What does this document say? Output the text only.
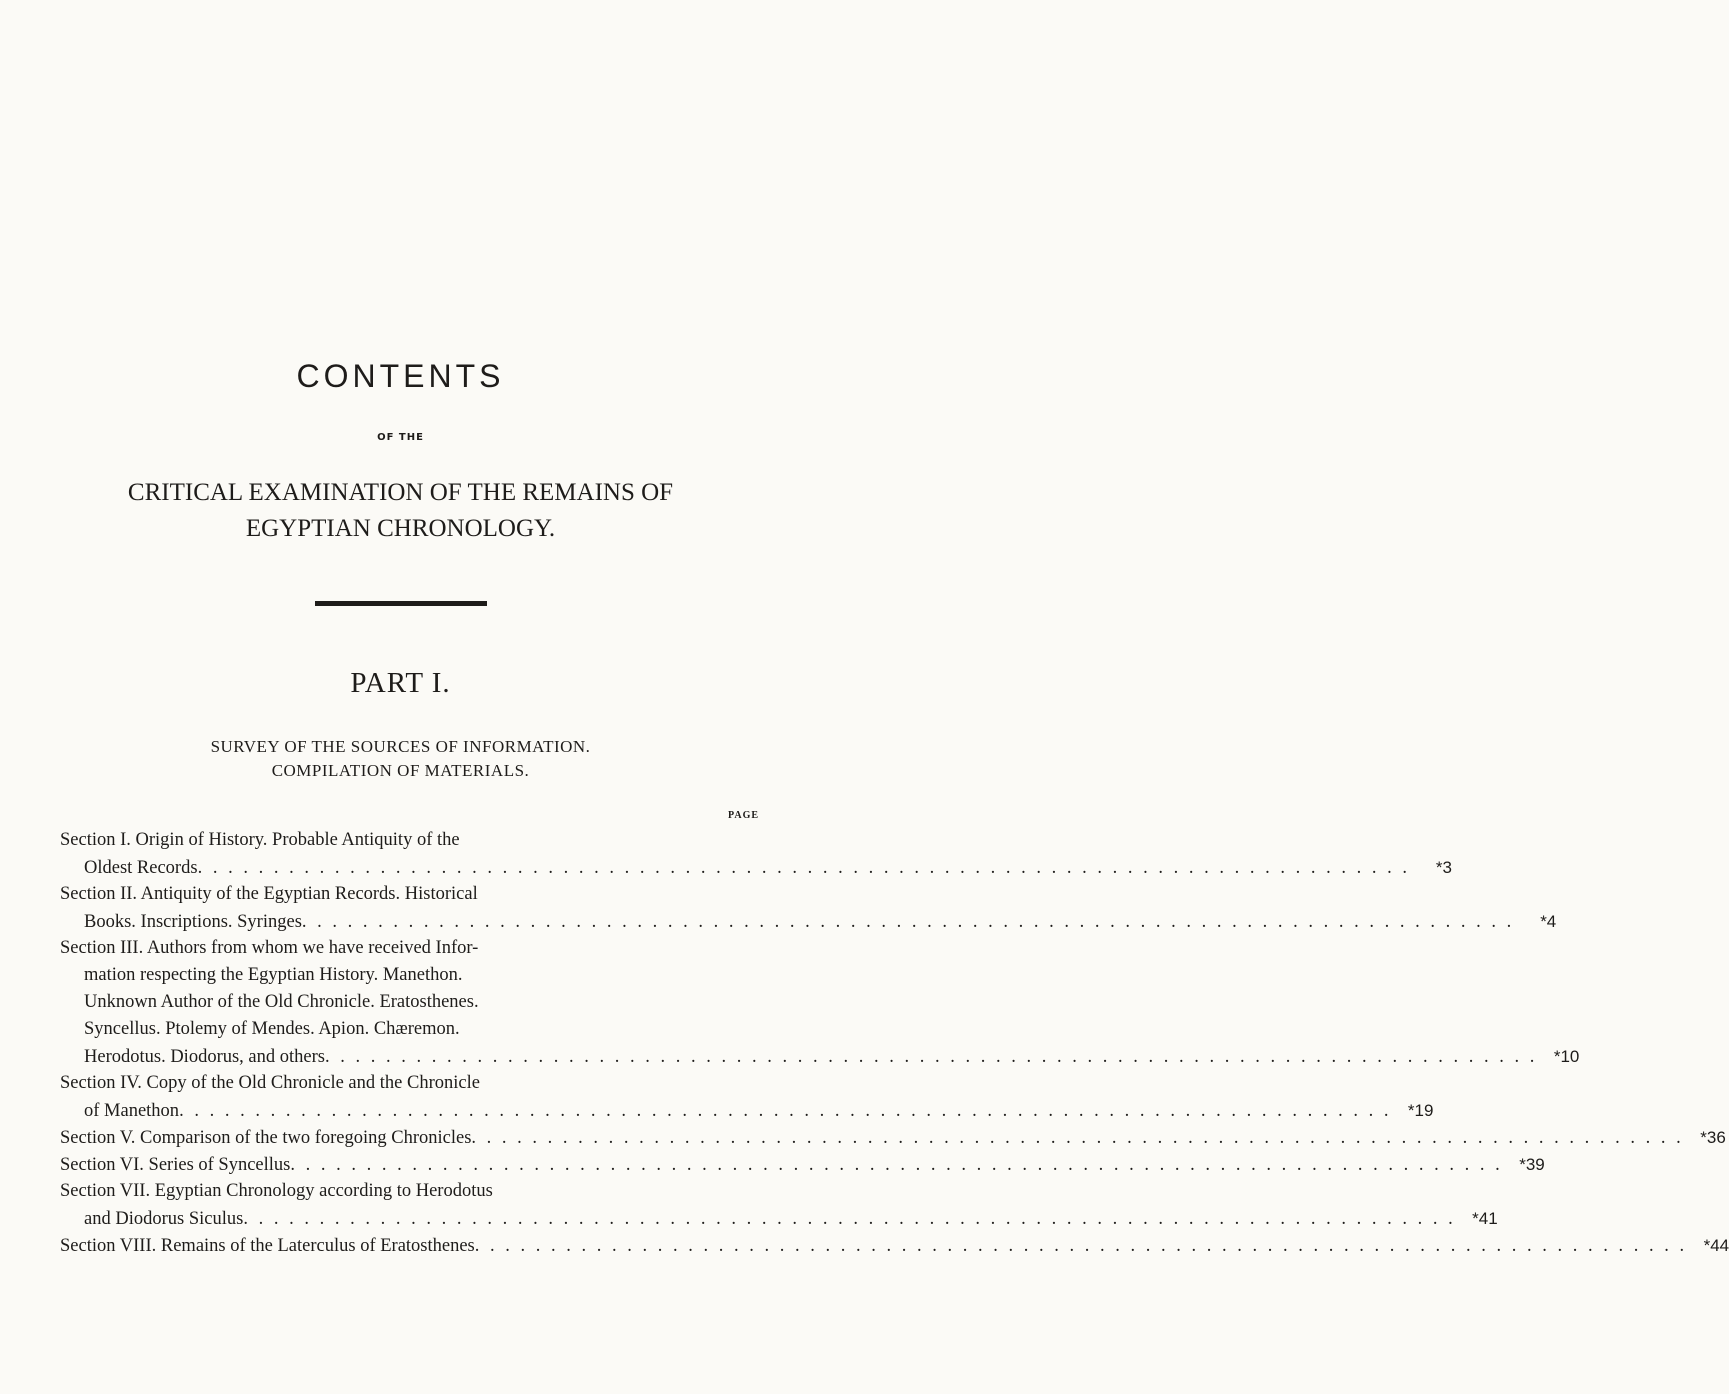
CONTENTS
OF THE
CRITICAL EXAMINATION OF THE REMAINS OF
EGYPTIAN CHRONOLOGY.
PART I.
SURVEY OF THE SOURCES OF INFORMATION.
COMPILATION OF MATERIALS.
PAGE
Section I. Origin of History. Probable Antiquity of the
Oldest Records . . . . . . . . . . . . . . . . . . . . . . . . . . . . . . . . . . . . . . . . . . . . . . . . . . . . . . . . . . . . . . . . . . . . . . . . . . . . . . . .	*3
Section II. Antiquity of the Egyptian Records. Historical
Books. Inscriptions. Syringes . . . . . . . . . . . . . . . . . . . . . . . . . . . . . . . . . . . . . . . . . . . . . . . . . . . . . . . . . . . . . . . . . . . . . . . . . . . . . . . .	*4
Section III. Authors from whom we have received Infor-
mation respecting the Egyptian History. Manethon.
Unknown Author of the Old Chronicle. Eratosthenes.
Syncellus. Ptolemy of Mendes. Apion. Chæremon.
Herodotus. Diodorus, and others . . . . . . . . . . . . . . . . . . . . . . . . . . . . . . . . . . . . . . . . . . . . . . . . . . . . . . . . . . . . . . . . . . . . . . . . . . . . . . . . *10
Section IV. Copy of the Old Chronicle and the Chronicle
of Manethon . . . . . . . . . . . . . . . . . . . . . . . . . . . . . . . . . . . . . . . . . . . . . . . . . . . . . . . . . . . . . . . . . . . . . . . . . . . . . . . . *19
Section V. Comparison of the two foregoing Chronicles . . . . . . . . . . . . . . . . . . . . . . . . . . . . . . . . . . . . . . . . . . . . . . . . . . . . . . . . . . . . . . . . . . . . . . . . . . . . . . . . *36
Section VI. Series of Syncellus . . . . . . . . . . . . . . . . . . . . . . . . . . . . . . . . . . . . . . . . . . . . . . . . . . . . . . . . . . . . . . . . . . . . . . . . . . . . . . . . *39
Section VII. Egyptian Chronology according to Herodotus
and Diodorus Siculus . . . . . . . . . . . . . . . . . . . . . . . . . . . . . . . . . . . . . . . . . . . . . . . . . . . . . . . . . . . . . . . . . . . . . . . . . . . . . . . . *41
Section VIII. Remains of the Laterculus of Eratosthenes . . . . . . . . . . . . . . . . . . . . . . . . . . . . . . . . . . . . . . . . . . . . . . . . . . . . . . . . . . . . . . . . . . . . . . . . . . . . . . . . *44
